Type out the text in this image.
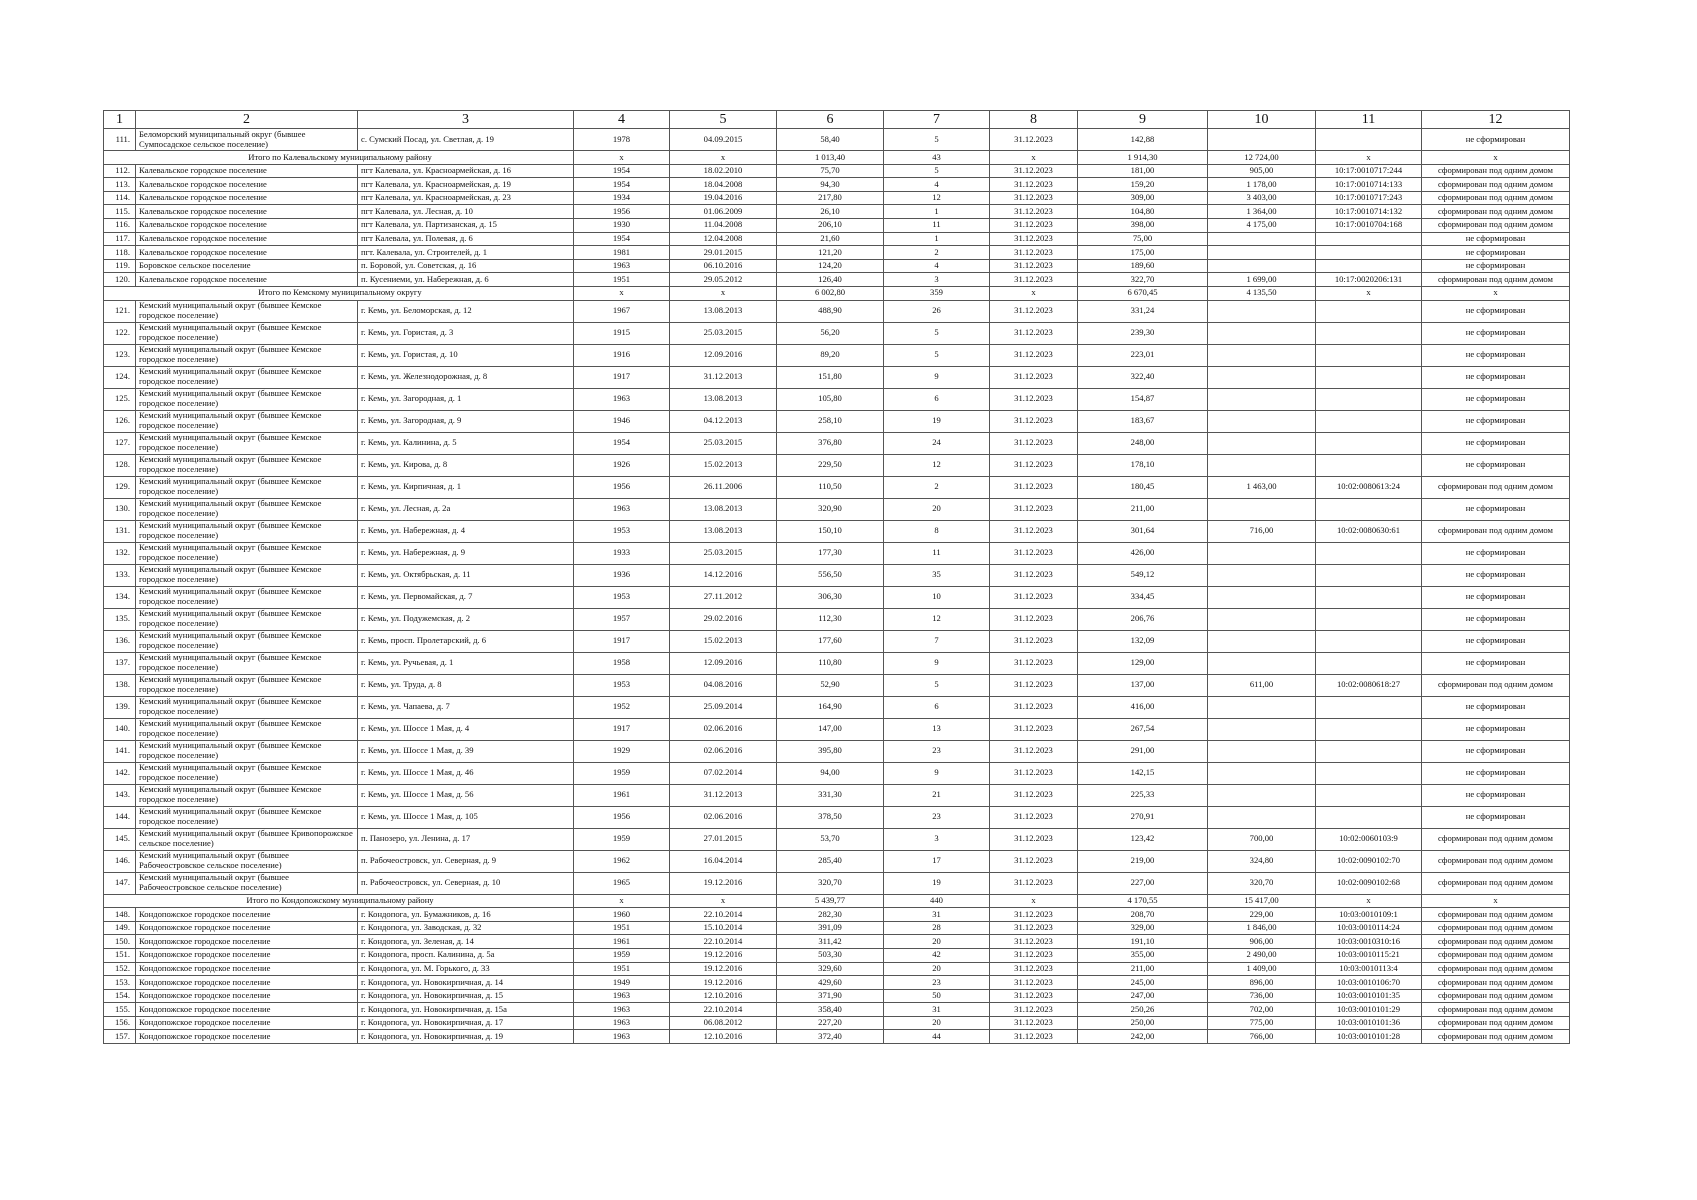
1	2	3	4	5	6	7	8	9	10	11	12
111.	Беломорский муниципальный округ (бывшее Сумпосадское сельское поселение)	с. Сумский Посад, ул. Светлая, д. 19	1978	04.09.2015	58,40	5	31.12.2023	142,88			не сформирован
Итого по Калевальскому муниципальному району			x	x	1 013,40	43	x	1 914,30	12 724,00	x	x
112.	Калевальское городское поселение	пгт Калевала, ул. Красноармейская, д. 16	1954	18.02.2010	75,70	5	31.12.2023	181,00	905,00	10:17:0010717:244	сформирован под одним домом
113.	Калевальское городское поселение	пгт Калевала, ул. Красноармейская, д. 19	1954	18.04.2008	94,30	4	31.12.2023	159,20	1 178,00	10:17:0010714:133	сформирован под одним домом
114.	Калевальское городское поселение	пгт Калевала, ул. Красноармейская, д. 23	1934	19.04.2016	217,80	12	31.12.2023	309,00	3 403,00	10:17:0010717:243	сформирован под одним домом
115.	Калевальское городское поселение	пгт Калевала, ул. Лесная, д. 10	1956	01.06.2009	26,10	1	31.12.2023	104,80	1 364,00	10:17:0010714:132	сформирован под одним домом
116.	Калевальское городское поселение	пгт Калевала, ул. Партизанская, д. 15	1930	11.04.2008	206,10	11	31.12.2023	398,00	4 175,00	10:17:0010704:168	сформирован под одним домом
117.	Калевальское городское поселение	пгт Калевала, ул. Полевая, д. 6	1954	12.04.2008	21,60	1	31.12.2023	75,00			не сформирован
118.	Калевальское городское поселение	пгт. Калевала, ул. Строителей, д. 1	1981	29.01.2015	121,20	2	31.12.2023	175,00			не сформирован
119.	Боровское сельское поселение	п. Боровой, ул. Советская, д. 16	1963	06.10.2016	124,20	4	31.12.2023	189,60			не сформирован
120.	Калевальское городское поселение	п. Кусениеми, ул. Набережная, д. 6	1951	29.05.2012	126,40	3	31.12.2023	322,70	1 699,00	10:17:0020206:131	сформирован под одним домом
Итого по Кемскому муниципальному округу			x	x	6 002,80	359	x	6 670,45	4 135,50	x	x
121.	Кемский муниципальный округ (бывшее Кемское городское поселение)	г. Кемь, ул. Беломорская, д. 12	1967	13.08.2013	488,90	26	31.12.2023	331,24			не сформирован
122.	Кемский муниципальный округ (бывшее Кемское городское поселение)	г. Кемь, ул. Гористая, д. 3	1915	25.03.2015	56,20	5	31.12.2023	239,30			не сформирован
123.	Кемский муниципальный округ (бывшее Кемское городское поселение)	г. Кемь, ул. Гористая, д. 10	1916	12.09.2016	89,20	5	31.12.2023	223,01			не сформирован
124.	Кемский муниципальный округ (бывшее Кемское городское поселение)	г. Кемь, ул. Железнодорожная, д. 8	1917	31.12.2013	151,80	9	31.12.2023	322,40			не сформирован
125.	Кемский муниципальный округ (бывшее Кемское городское поселение)	г. Кемь, ул. Загородная, д. 1	1963	13.08.2013	105,80	6	31.12.2023	154,87			не сформирован
126.	Кемский муниципальный округ (бывшее Кемское городское поселение)	г. Кемь, ул. Загородная, д. 9	1946	04.12.2013	258,10	19	31.12.2023	183,67			не сформирован
127.	Кемский муниципальный округ (бывшее Кемское городское поселение)	г. Кемь, ул. Калинина, д. 5	1954	25.03.2015	376,80	24	31.12.2023	248,00			не сформирован
128.	Кемский муниципальный округ (бывшее Кемское городское поселение)	г. Кемь, ул. Кирова, д. 8	1926	15.02.2013	229,50	12	31.12.2023	178,10			не сформирован
129.	Кемский муниципальный округ (бывшее Кемское городское поселение)	г. Кемь, ул. Кирпичная, д. 1	1956	26.11.2006	110,50	2	31.12.2023	180,45	1 463,00	10:02:0080613:24	сформирован под одним домом
130.	Кемский муниципальный округ (бывшее Кемское городское поселение)	г. Кемь, ул. Лесная, д. 2а	1963	13.08.2013	320,90	20	31.12.2023	211,00			не сформирован
131.	Кемский муниципальный округ (бывшее Кемское городское поселение)	г. Кемь, ул. Набережная, д. 4	1953	13.08.2013	150,10	8	31.12.2023	301,64	716,00	10:02:0080630:61	сформирован под одним домом
132.	Кемский муниципальный округ (бывшее Кемское городское поселение)	г. Кемь, ул. Набережная, д. 9	1933	25.03.2015	177,30	11	31.12.2023	426,00			не сформирован
133.	Кемский муниципальный округ (бывшее Кемское городское поселение)	г. Кемь, ул. Октябрьская, д. 11	1936	14.12.2016	556,50	35	31.12.2023	549,12			не сформирован
134.	Кемский муниципальный округ (бывшее Кемское городское поселение)	г. Кемь, ул. Первомайская, д. 7	1953	27.11.2012	306,30	10	31.12.2023	334,45			не сформирован
135.	Кемский муниципальный округ (бывшее Кемское городское поселение)	г. Кемь, ул. Подужемская, д. 2	1957	29.02.2016	112,30	12	31.12.2023	206,76			не сформирован
136.	Кемский муниципальный округ (бывшее Кемское городское поселение)	г. Кемь, просп. Пролетарский, д. 6	1917	15.02.2013	177,60	7	31.12.2023	132,09			не сформирован
137.	Кемский муниципальный округ (бывшее Кемское городское поселение)	г. Кемь, ул. Ручьевая, д. 1	1958	12.09.2016	110,80	9	31.12.2023	129,00			не сформирован
138.	Кемский муниципальный округ (бывшее Кемское городское поселение)	г. Кемь, ул. Труда, д. 8	1953	04.08.2016	52,90	5	31.12.2023	137,00	611,00	10:02:0080618:27	сформирован под одним домом
139.	Кемский муниципальный округ (бывшее Кемское городское поселение)	г. Кемь, ул. Чапаева, д. 7	1952	25.09.2014	164,90	6	31.12.2023	416,00			не сформирован
140.	Кемский муниципальный округ (бывшее Кемское городское поселение)	г. Кемь, ул. Шоссе 1 Мая, д. 4	1917	02.06.2016	147,00	13	31.12.2023	267,54			не сформирован
141.	Кемский муниципальный округ (бывшее Кемское городское поселение)	г. Кемь, ул. Шоссе 1 Мая, д. 39	1929	02.06.2016	395,80	23	31.12.2023	291,00			не сформирован
142.	Кемский муниципальный округ (бывшее Кемское городское поселение)	г. Кемь, ул. Шоссе 1 Мая, д. 46	1959	07.02.2014	94,00	9	31.12.2023	142,15			не сформирован
143.	Кемский муниципальный округ (бывшее Кемское городское поселение)	г. Кемь, ул. Шоссе 1 Мая, д. 56	1961	31.12.2013	331,30	21	31.12.2023	225,33			не сформирован
144.	Кемский муниципальный округ (бывшее Кемское городское поселение)	г. Кемь, ул. Шоссе 1 Мая, д. 105	1956	02.06.2016	378,50	23	31.12.2023	270,91			не сформирован
145.	Кемский муниципальный округ (бывшее Кривопорожское сельское поселение)	п. Панозеро, ул. Ленина, д. 17	1959	27.01.2015	53,70	3	31.12.2023	123,42	700,00	10:02:0060103:9	сформирован под одним домом
146.	Кемский муниципальный округ (бывшее Рабочеостровское сельское поселение)	п. Рабочеостровск, ул. Северная, д. 9	1962	16.04.2014	285,40	17	31.12.2023	219,00	324,80	10:02:0090102:70	сформирован под одним домом
147.	Кемский муниципальный округ (бывшее Рабочеостровское сельское поселение)	п. Рабочеостровск, ул. Северная, д. 10	1965	19.12.2016	320,70	19	31.12.2023	227,00	320,70	10:02:0090102:68	сформирован под одним домом
Итого по Кондопожскому муниципальному району			x	x	5 439,77	440	x	4 170,55	15 417,00	x	x
148.	Кондопожское городское поселение	г. Кондопога, ул. Бумажников, д. 16	1960	22.10.2014	282,30	31	31.12.2023	208,70	229,00	10:03:0010109:1	сформирован под одним домом
149.	Кондопожское городское поселение	г. Кондопога, ул. Заводская, д. 32	1951	15.10.2014	391,09	28	31.12.2023	329,00	1 846,00	10:03:0010114:24	сформирован под одним домом
150.	Кондопожское городское поселение	г. Кондопога, ул. Зеленая, д. 14	1961	22.10.2014	311,42	20	31.12.2023	191,10	906,00	10:03:0010310:16	сформирован под одним домом
151.	Кондопожское городское поселение	г. Кондопога, просп. Калинина, д. 5а	1959	19.12.2016	503,30	42	31.12.2023	355,00	2 490,00	10:03:0010115:21	сформирован под одним домом
152.	Кондопожское городское поселение	г. Кондопога, ул. М. Горького, д. 33	1951	19.12.2016	329,60	20	31.12.2023	211,00	1 409,00	10:03:0010113:4	сформирован под одним домом
153.	Кондопожское городское поселение	г. Кондопога, ул. Новокирпичная, д. 14	1949	19.12.2016	429,60	23	31.12.2023	245,00	896,00	10:03:0010106:70	сформирован под одним домом
154.	Кондопожское городское поселение	г. Кондопога, ул. Новокирпичная, д. 15	1963	12.10.2016	371,90	50	31.12.2023	247,00	736,00	10:03:0010101:35	сформирован под одним домом
155.	Кондопожское городское поселение	г. Кондопога, ул. Новокирпичная, д. 15а	1963	22.10.2014	358,40	31	31.12.2023	250,26	702,00	10:03:0010101:29	сформирован под одним домом
156.	Кондопожское городское поселение	г. Кондопога, ул. Новокирпичная, д. 17	1963	06.08.2012	227,20	20	31.12.2023	250,00	775,00	10:03:0010101:36	сформирован под одним домом
157.	Кондопожское городское поселение	г. Кондопога, ул. Новокирпичная, д. 19	1963	12.10.2016	372,40	44	31.12.2023	242,00	766,00	10:03:0010101:28	сформирован под одним домом
